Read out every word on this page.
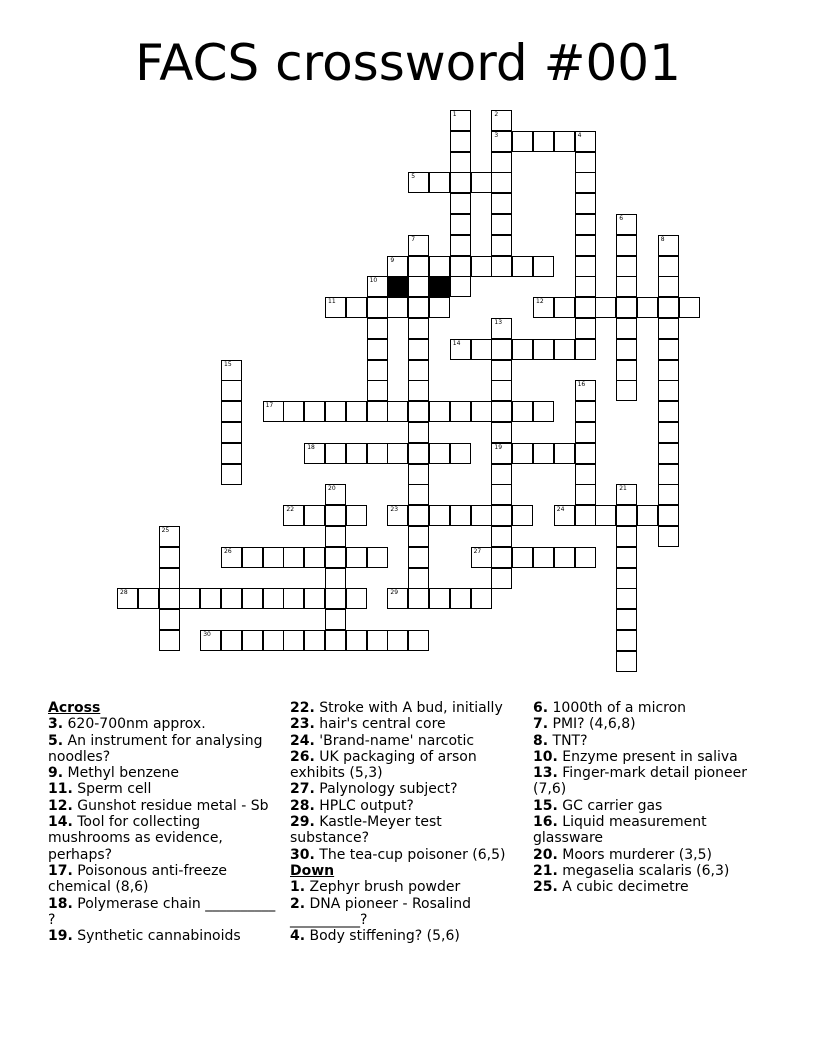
FACS crossword #001
1	2
3	4
5
6
7	8
9
10
11	12
13
19
14
15
16
17
18
20	21
22	23	24
25
26	27
28	29
30

Across

3. 620-700nm approx.

5. An instrument for analysing noodles?

9. Methyl benzene

11. Sperm cell

12. Gunshot residue metal - Sb

14. Tool for collecting mushrooms as evidence, perhaps?

17. Poisonous anti-freeze chemical (8,6)

18. Polymerase chain __________ ?

19. Synthetic cannabinoids

22. Stroke with A bud, initially

23. hair's central core

24. 'Brand-name' narcotic

26. UK packaging of arson exhibits (5,3)

27. Palynology subject?

28. HPLC output?

29. Kastle-Meyer test substance?

30. The tea-cup poisoner (6,5)

Down

1. Zephyr brush powder

2. DNA pioneer - Rosalind __________?

4. Body stiffening? (5,6)

6. 1000th of a micron

7. PMI? (4,6,8)

8. TNT?

10. Enzyme present in saliva

13. Finger-mark detail pioneer (7,6)

15. GC carrier gas

16. Liquid measurement glassware

20. Moors murderer (3,5)

21. megaselia scalaris (6,3)

25. A cubic decimetre
